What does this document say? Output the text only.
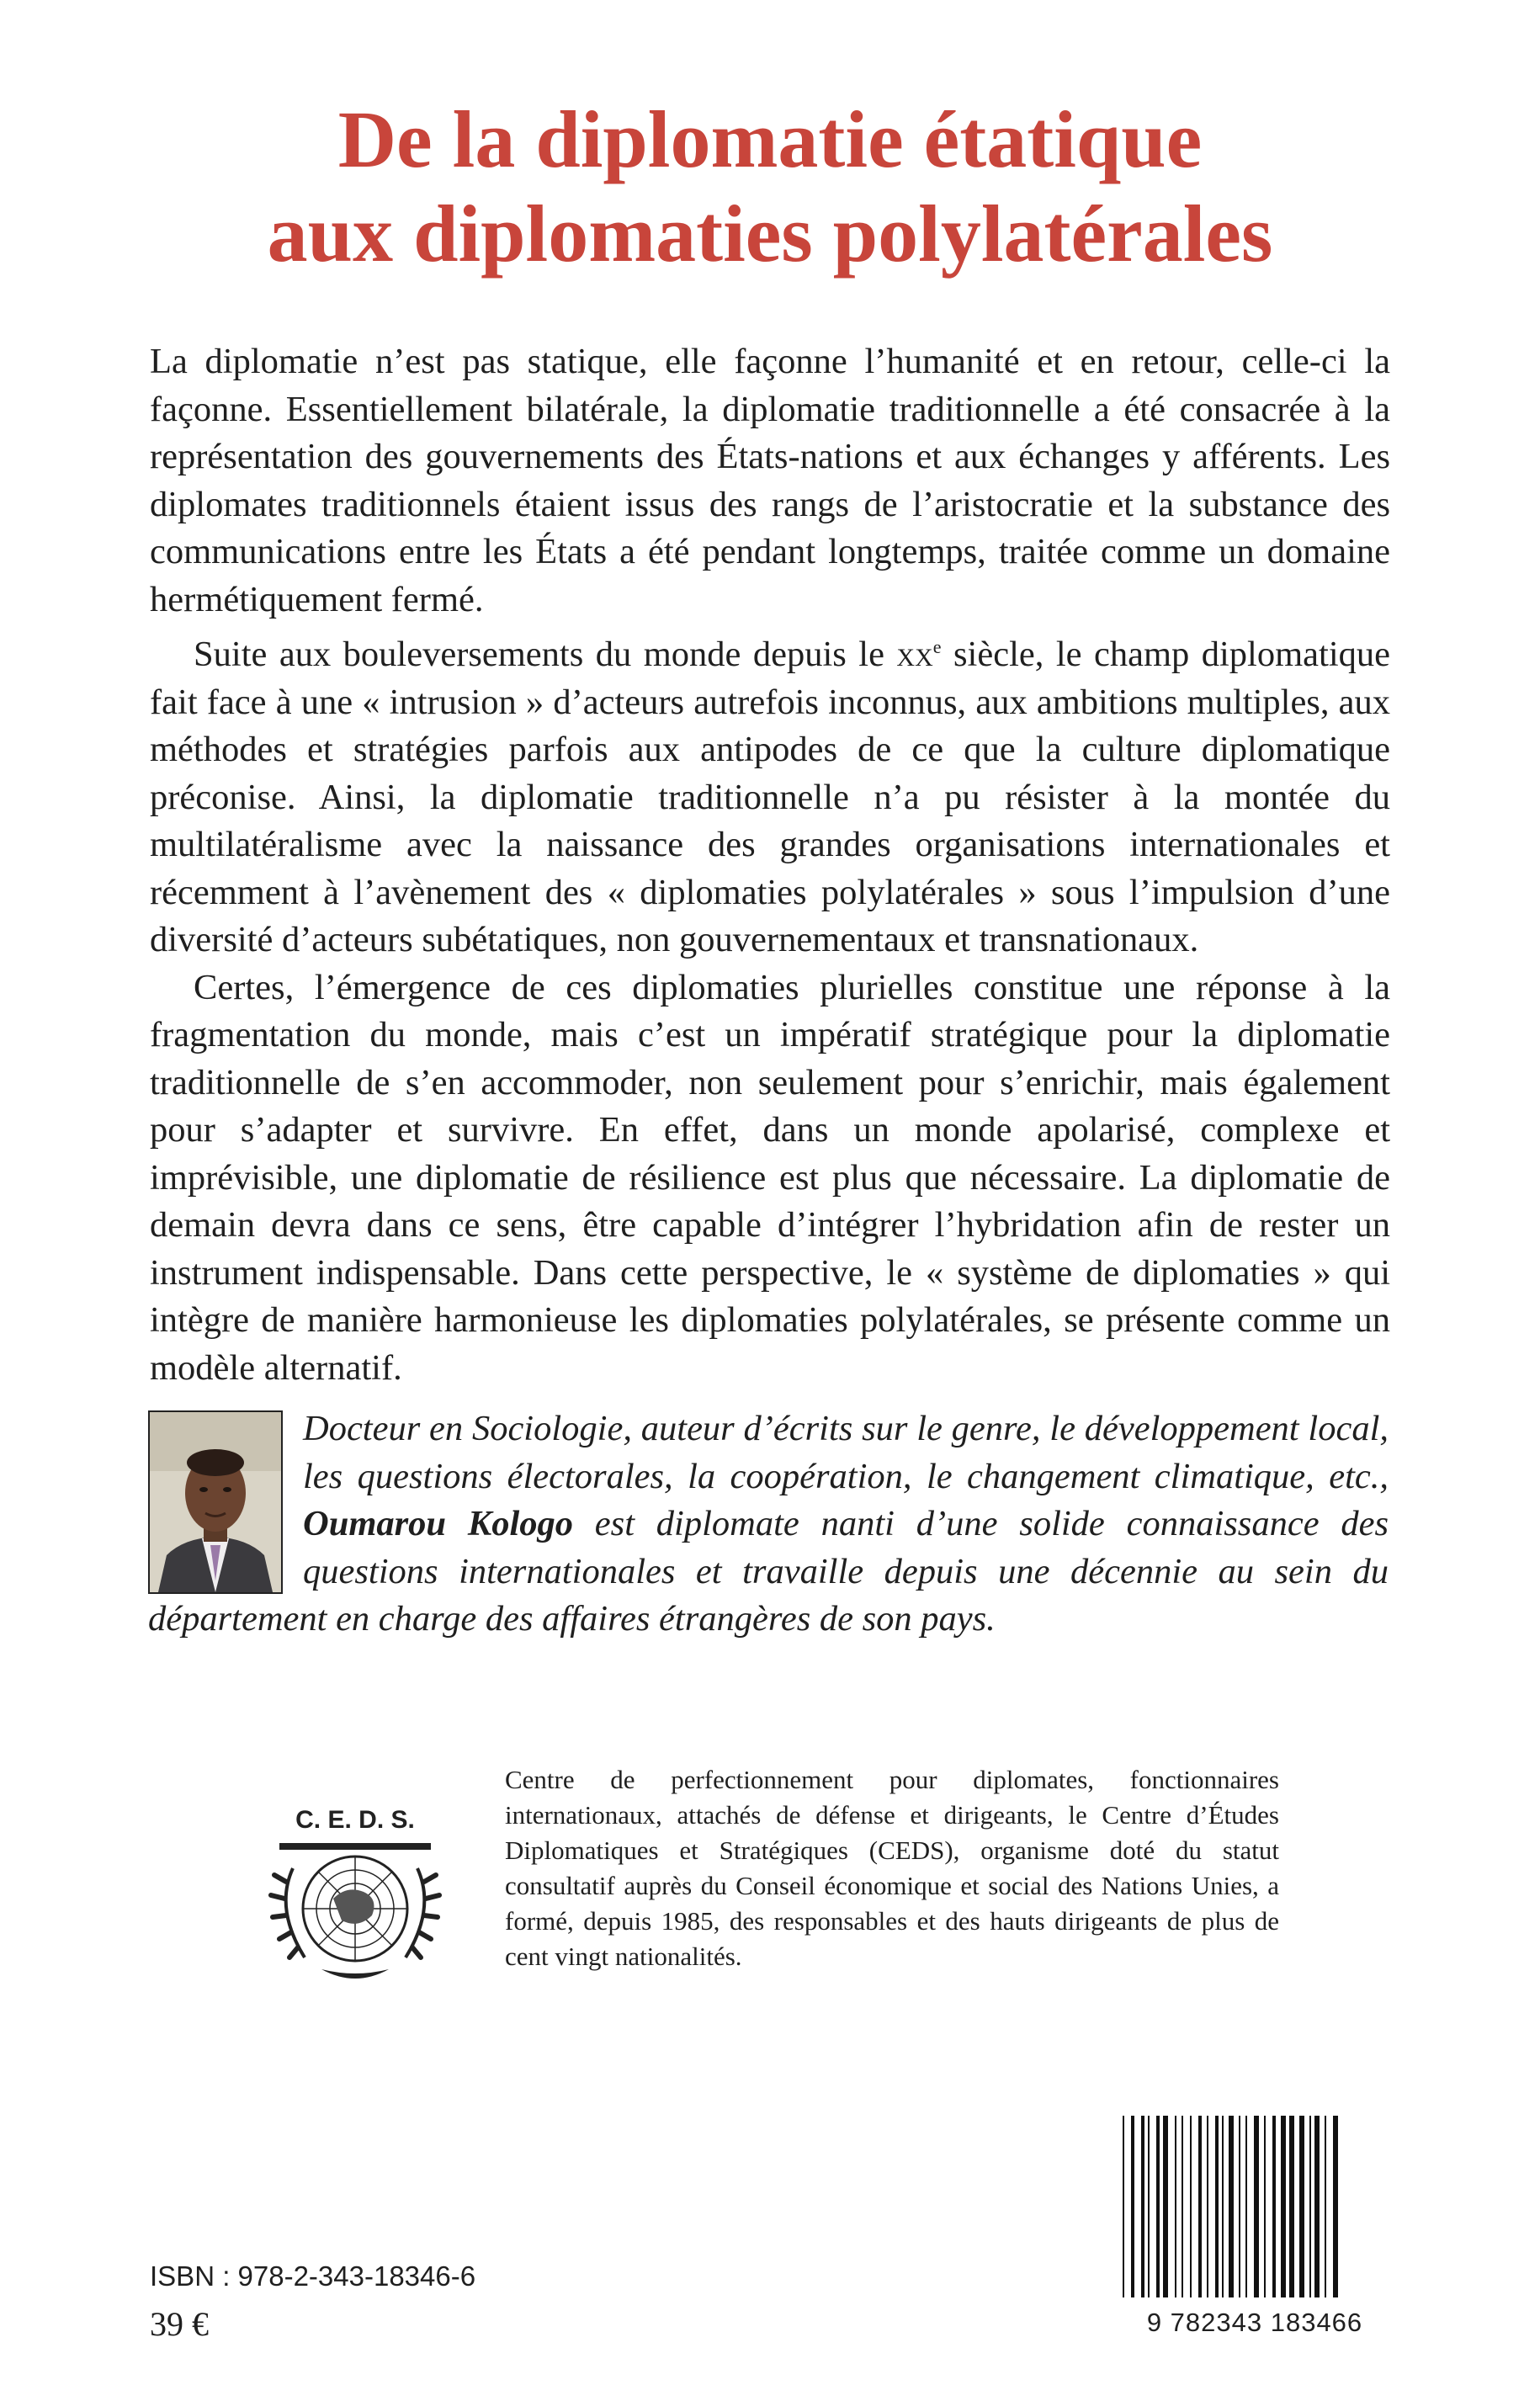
De la diplomatie étatique
aux diplomaties polylatérales

La diplomatie n’est pas statique, elle façonne l’humanité et en retour, celle-ci la façonne. Essentiellement bilatérale, la diplomatie traditionnelle a été consacrée à la représentation des gouvernements des États-nations et aux échanges y afférents. Les diplomates traditionnels étaient issus des rangs de l’aristocratie et la substance des communications entre les États a été pendant longtemps, traitée comme un domaine hermétiquement fermé.

Suite aux bouleversements du monde depuis le $xx^e$ siècle, le champ diplomatique fait face à une « intrusion » d’acteurs autrefois inconnus, aux ambitions multiples, aux méthodes et stratégies parfois aux antipodes de ce que la culture diplomatique préconise. Ainsi, la diplomatie traditionnelle n’a pu résister à la montée du multilatéralisme avec la naissance des grandes organisations internationales et récemment à l’avènement des « diplomaties polylatérales » sous l’impulsion d’une diversité d’acteurs subétatiques, non gouvernementaux et transnationaux.

Certes, l’émergence de ces diplomaties plurielles constitue une réponse à la fragmentation du monde, mais c’est un impératif stratégique pour la diplomatie traditionnelle de s’en accommoder, non seulement pour s’enrichir, mais également pour s’adapter et survivre. En effet, dans un monde apolarisé, complexe et imprévisible, une diplomatie de résilience est plus que nécessaire. La diplomatie de demain devra dans ce sens, être capable d’intégrer l’hybridation afin de rester un instrument indispensable. Dans cette perspective, le « système de diplomaties » qui intègre de manière harmonieuse les diplomaties polylatérales, se présente comme un modèle alternatif.

Docteur en Sociologie, auteur d’écrits sur le genre, le développement local, les questions électorales, la coopération, le changement climatique, etc., Oumarou Kologo est diplomate nanti d’une solide connaissance des questions internationales et travaille depuis une décennie au sein du département en charge des affaires étrangères de son pays.
C. E. D. S.
Centre de perfectionnement pour diplomates, fonctionnaires internationaux, attachés de défense et dirigeants, le Centre d’Études Diplomatiques et Stratégiques (CEDS), organisme doté du statut consultatif auprès du Conseil économique et social des Nations Unies, a formé, depuis 1985, des responsables et des hauts dirigeants de plus de cent vingt nationalités.
ISBN : 978-2-343-18346-6
39 €	9 782343 183466
